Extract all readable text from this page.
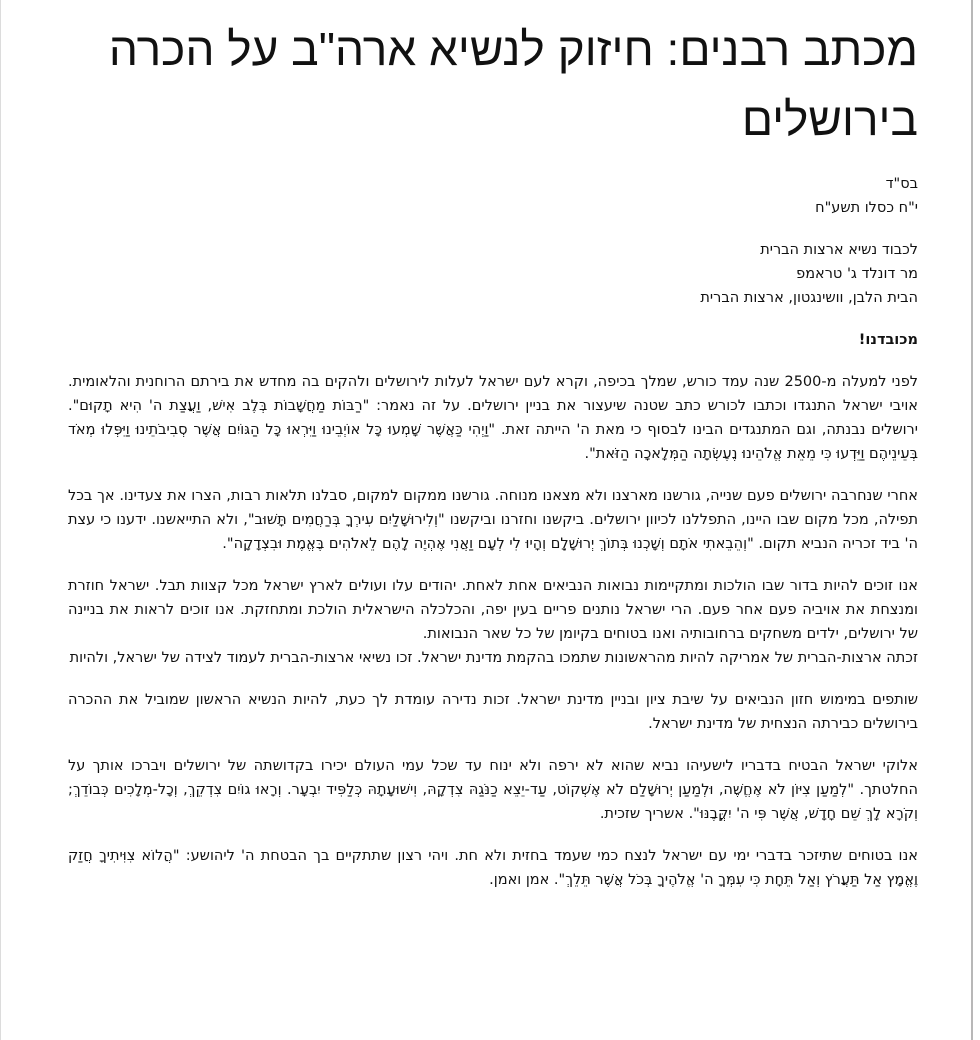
מכתב רבנים: חיזוק לנשיא ארה"ב על הכרה בירושלים
בס"ד
י"ח כסלו תשע"ח
לכבוד נשיא ארצות הברית
מר דונלד ג' טראמפ
הבית הלבן, וושינגטון, ארצות הברית
מכובדנו!

לפני למעלה מ-2500 שנה עמד כורש, שמלך בכיפה, וקרא לעם ישראל לעלות לירושלים ולהקים בה מחדש את בירתם הרוחנית והלאומית. אויבי ישראל התנגדו וכתבו לכורש כתב שטנה שיעצור את בניין ירושלים. על זה נאמר: "רַבּוֹת מַחֲשָׁבוֹת בְּלֶב אִישׁ, וַעֲצַת ה' הִיא תָקוּם". ירושלים נבנתה, וגם המתנגדים הבינו לבסוף כי מאת ה' הייתה זאת. "וַיְהִי כַּאֲשֶׁר שָׁמְעוּ כָּל אוֹיְבֵינוּ וַיִּרְאוּ כָּל הַגּוֹיִם אֲשֶׁר סְבִיבֹתֵינוּ וַיִּפְּלוּ מְאֹד בְּעֵינֵיהֶם וַיֵּדְעוּ כִּי מֵאֵת אֱלֹהֵינוּ נֶעֶשְׂתָה הַמְּלָאכָה הַזֹּאת".

אחרי שנחרבה ירושלים פעם שנייה, גורשנו מארצנו ולא מצאנו מנוחה. גורשנו ממקום למקום, סבלנו תלאות רבות, הצרו את צעדינו. אך בכל תפילה, מכל מקום שבו היינו, התפללנו לכיוון ירושלים. ביקשנו וחזרנו וביקשנו "וְלִירוּשָׁלַיִם עִירְךָ בְּרַחֲמִים תָּשׁוּב", ולא התייאשנו. ידענו כי עצת ה' ביד זכריה הנביא תקום. "וְהֵבֵאתִי אֹתָם וְשָׁכְנוּ בְּתוֹךְ יְרוּשָׁלָ‍ִם וְהָיוּ לִי לְעָם וַאֲנִי אֶהְיֶה לָהֶם לֵאלֹהִים בֶּאֱמֶת וּבִצְדָקָה".

אנו זוכים להיות בדור שבו הולכות ומתקיימות נבואות הנביאים אחת לאחת. יהודים עלו ועולים לארץ ישראל מכל קצוות תבל. ישראל חוזרת ומנצחת את אויביה פעם אחר פעם. הרי ישראל נותנים פריים בעין יפה, והכלכלה הישראלית הולכת ומתחזקת. אנו זוכים לראות את בניינה של ירושלים, ילדים משחקים ברחובותיה ואנו בטוחים בקיומן של כל שאר הנבואות.
זכתה ארצות-הברית של אמריקה להיות מהראשונות שתמכו בהקמת מדינת ישראל. זכו נשיאי ארצות-הברית לעמוד לצידה של ישראל, ולהיות

שותפים במימוש חזון הנביאים על שיבת ציון ובניין מדינת ישראל. זכות נדירה עומדת לך כעת, להיות הנשיא הראשון שמוביל את ההכרה בירושלים כבירתה הנצחית של מדינת ישראל.

אלוקי ישראל הבטיח בדבריו לישעיהו נביא שהוא לא ירפה ולא ינוח עד שכל עמי העולם יכירו בקדושתה של ירושלים ויברכו אותך על החלטתך. "לְמַעַן צִיּוֹן לֹא אֶחֱשֶׁה, וּלְמַעַן יְרוּשָׁלִַם לֹא אֶשְׁקוֹט, עַד-יֵצֵא כַנֹּגַהּ צִדְקָהּ, וִישׁוּעָתָהּ כְּלַפִּיד יִבְעָר. וְרָאוּ גוֹיִם צִדְקֵךְ, וְכָל-מְלָכִים כְּבוֹדֵךְ; וְקֹרָא לָךְ שֵׁם חָדָשׁ, אֲשֶׁר פִּי ה' יִקֳּבֶנּוּ". אשריך שזכית.

אנו בטוחים שתיזכר בדברי ימי עם ישראל לנצח כמי שעמד בחזית ולא חת. ויהי רצון שתתקיים בך הבטחת ה' ליהושע: "הֲלוֹא צִוִּיתִיךָ חֲזַק וֶאֱמָץ אַל תַּעֲרֹץ וְאַל תֵּחָת כִּי עִמְּךָ ה' אֱלֹהֶיךָ בְּכֹל אֲשֶׁר תֵּלֵךְ". אמן ואמן.
